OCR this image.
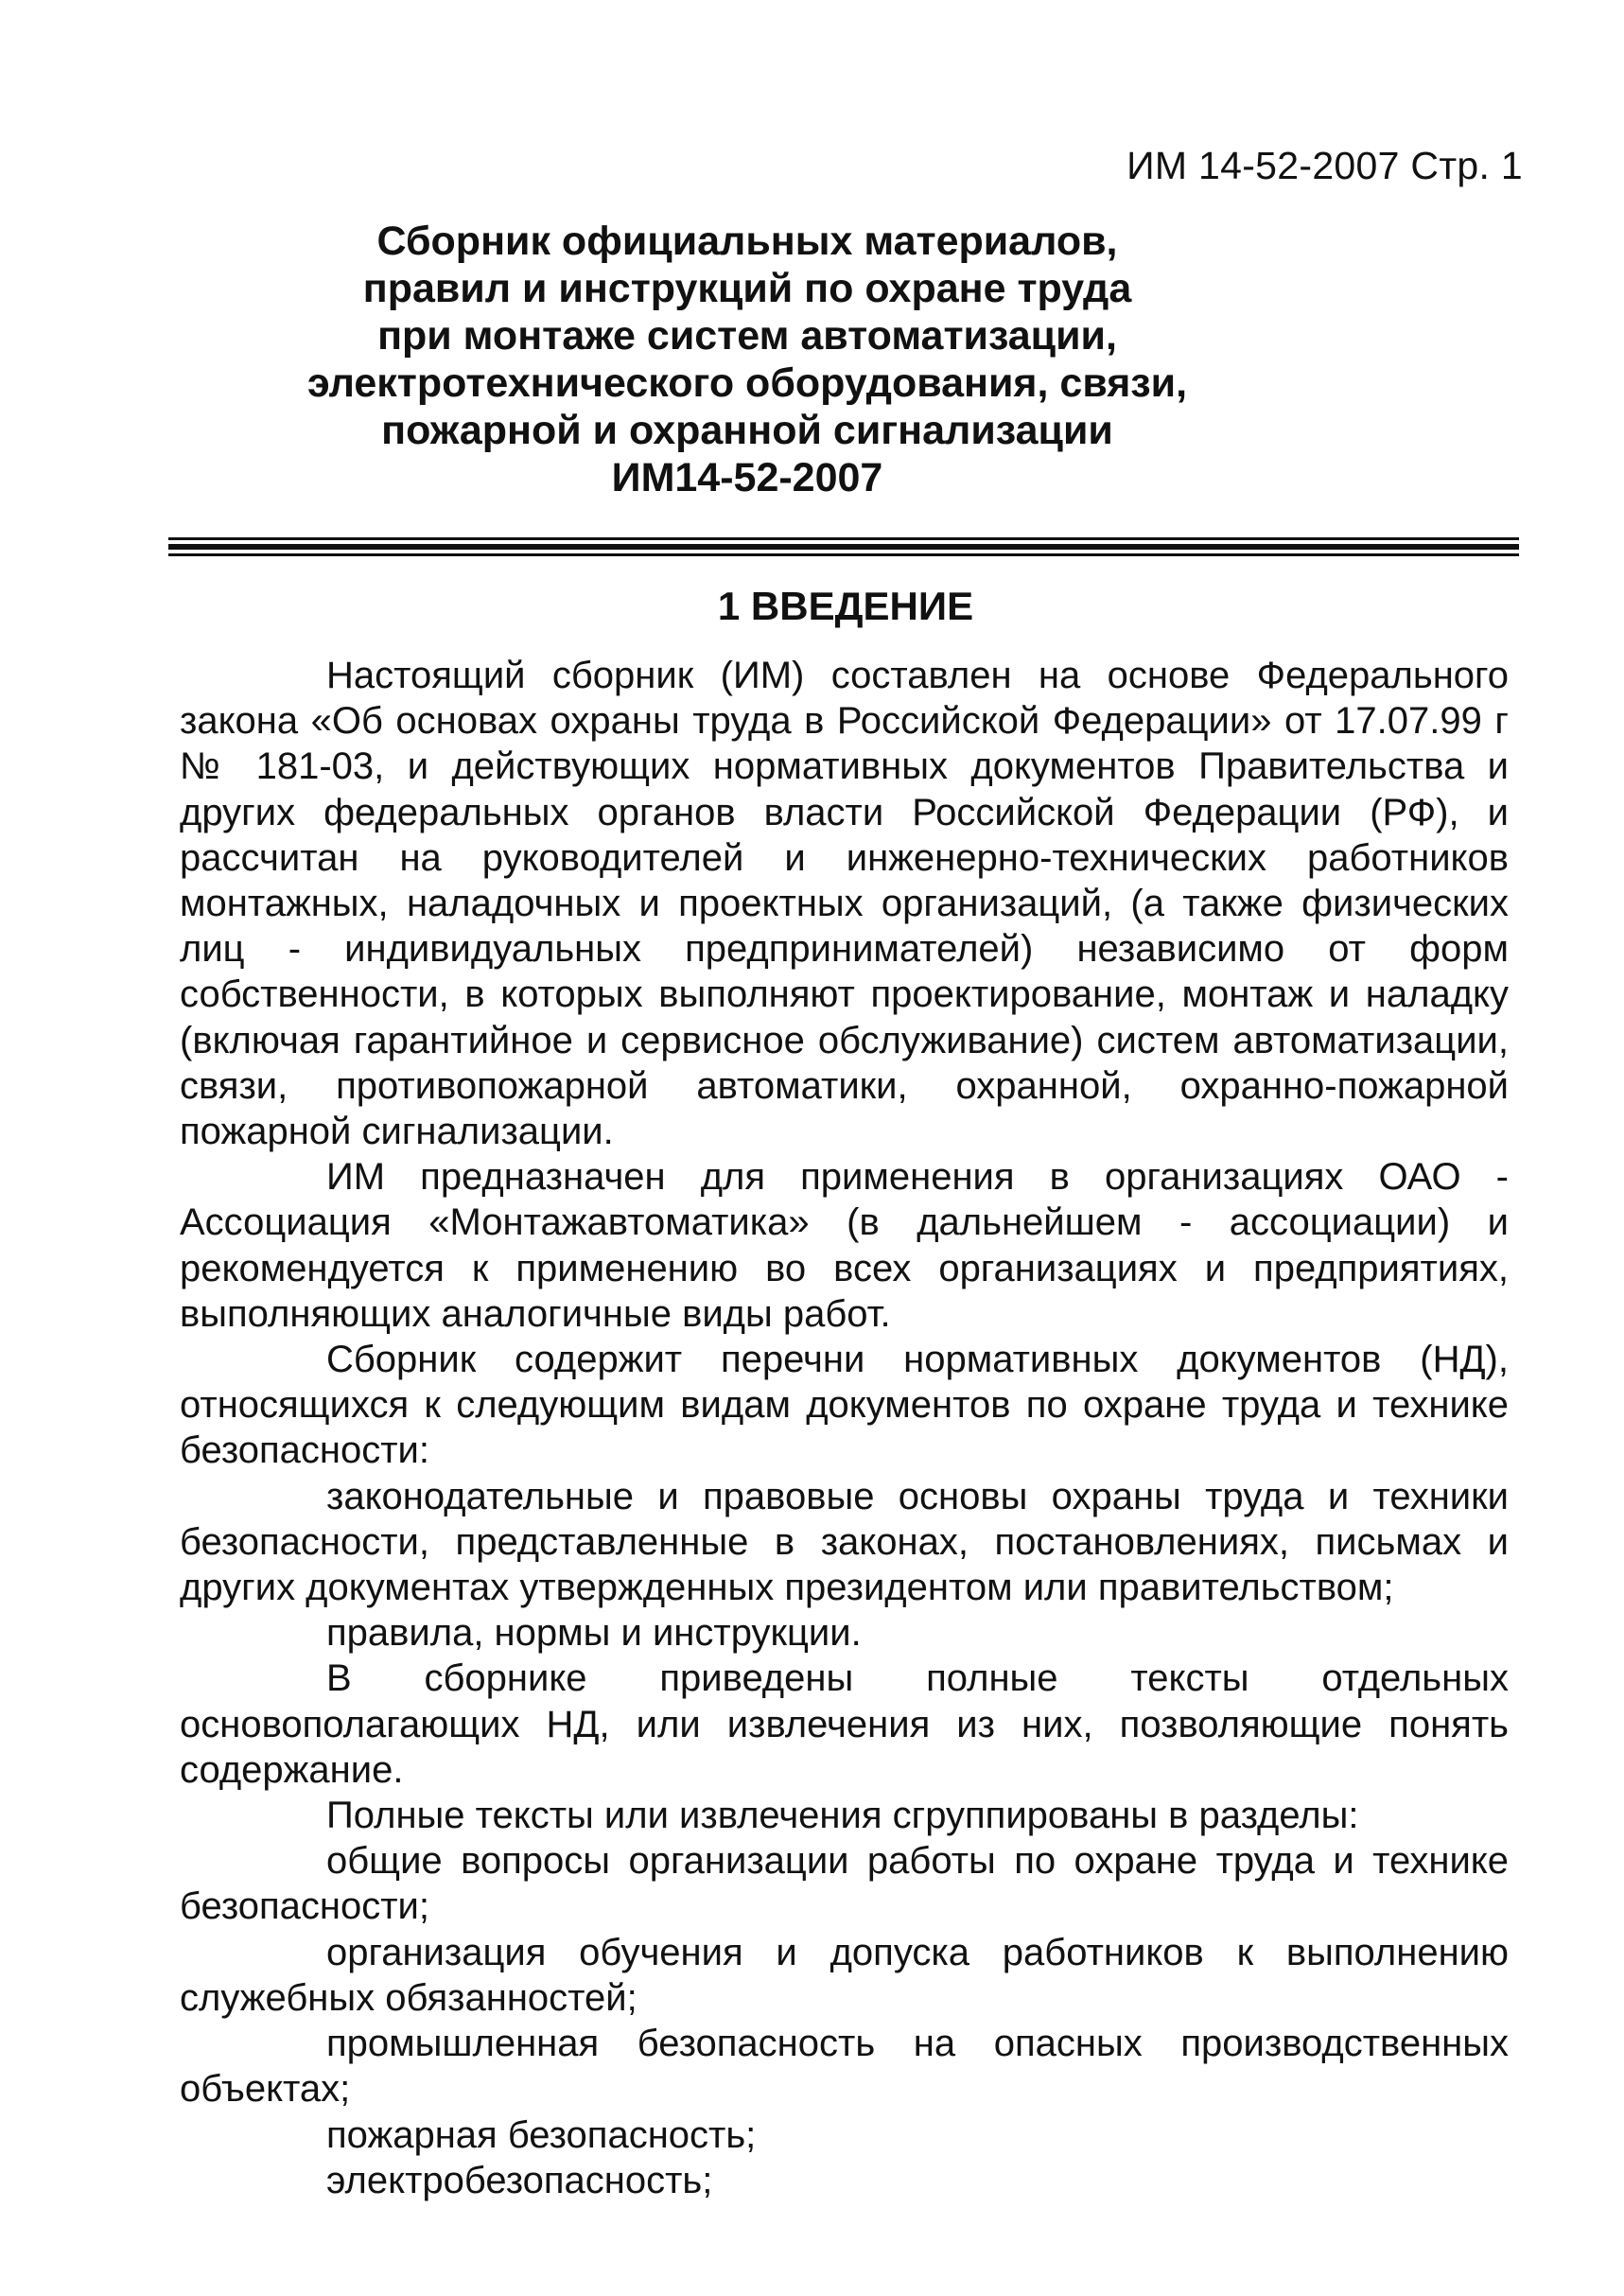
ИМ 14-52-2007 Стр. 1
Сборник официальных материалов,
правил и инструкций по охране труда
при монтаже систем автоматизации,
электротехнического оборудования, связи,
пожарной и охранной сигнализации
ИМ14-52-2007
1 ВВЕДЕНИЕ

Настоящий сборник (ИМ) составлен на основе Федерального закона «Об основах охраны труда в Российской Федерации» от 17.07.99 г № 181-03, и действующих нормативных документов Правительства и других федеральных органов власти Российской Федерации (РФ), и рассчитан на руководителей и инженерно-технических работников монтажных, наладочных и проектных организаций, (а также физических лиц - индивидуальных предпринимателей) независимо от форм собственности, в которых выполняют проектирование, монтаж и наладку (включая гарантийное и сервисное обслуживание) систем автоматизации, связи, противопожарной автоматики, охранной, охранно-пожарной пожарной сигнализации.

ИМ предназначен для применения в организациях ОАО - Ассоциация «Монтажавтоматика» (в дальнейшем - ассоциации) и рекомендуется к применению во всех организациях и предприятиях, выполняющих аналогичные виды работ.

Сборник содержит перечни нормативных документов (НД), относящихся к следующим видам документов по охране труда и технике безопасности:

законодательные и правовые основы охраны труда и техники безопасности, представленные в законах, постановлениях, письмах и других документах утвержденных президентом или правительством;

правила, нормы и инструкции.

В сборнике приведены полные тексты отдельных основополагающих НД, или извлечения из них, позволяющие понять содержание.

Полные тексты или извлечения сгруппированы в разделы:

общие вопросы организации работы по охране труда и технике безопасности;

организация обучения и допуска работников к выполнению служебных обязанностей;

промышленная безопасность на опасных производственных объектах;

пожарная безопасность;

электробезопасность;
